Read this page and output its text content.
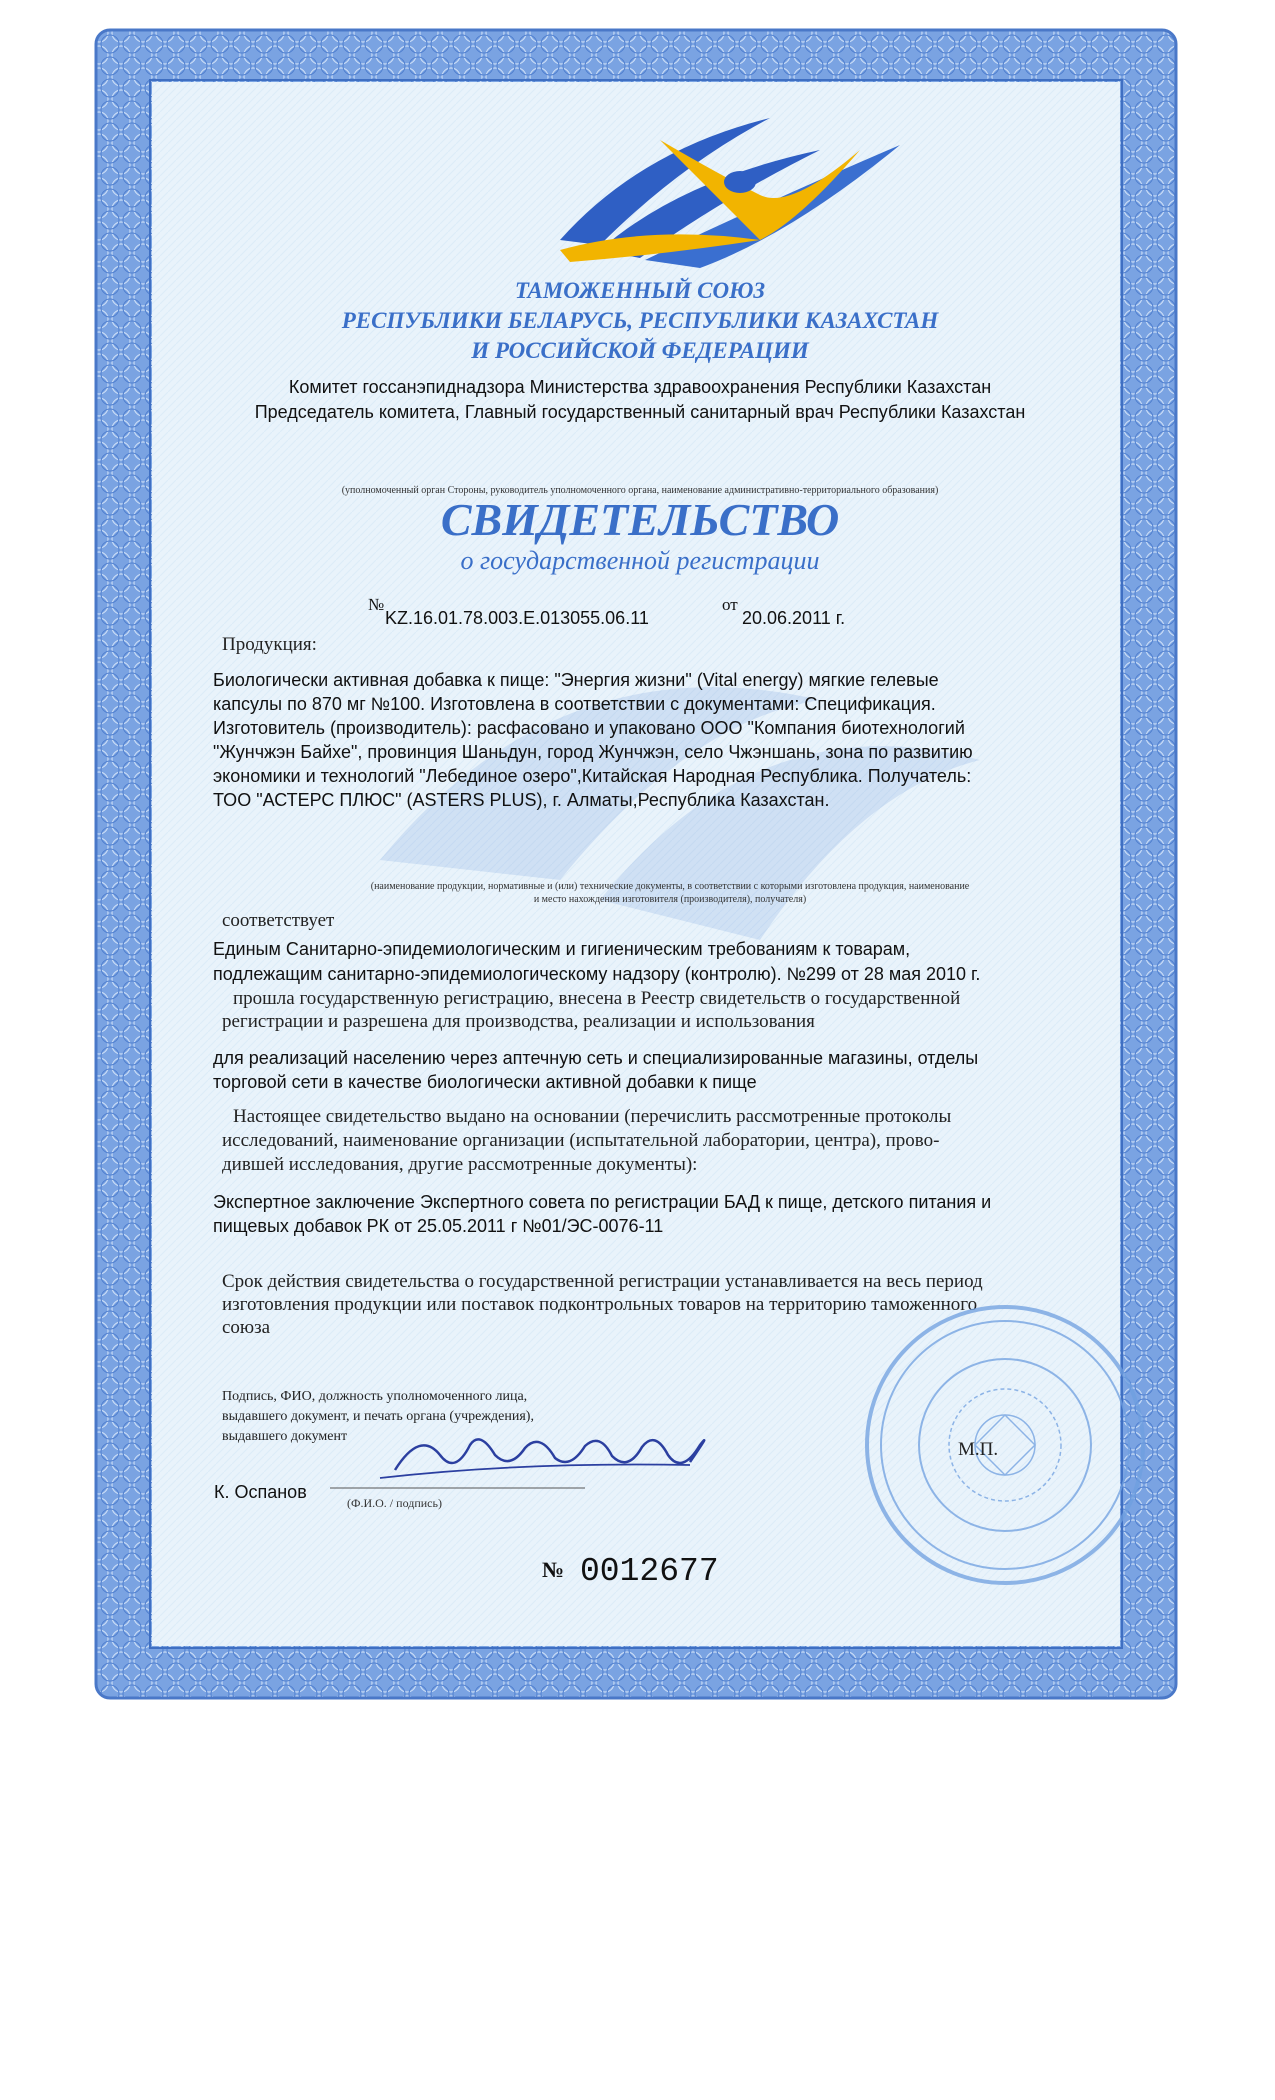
ТАМОЖЕННЫЙ СОЮЗ
РЕСПУБЛИКИ БЕЛАРУСЬ, РЕСПУБЛИКИ КАЗАХСТАН
И РОССИЙСКОЙ ФЕДЕРАЦИИ
Комитет госсанэпиднадзора Министерства здравоохранения Республики Казахстан
Председатель комитета, Главный государственный санитарный врач Республики Казахстан
(уполномоченный орган Стороны, руководитель уполномоченного органа, наименование административно-территориального образования)
СВИДЕТЕЛЬСТВО
о государственной регистрации
№
KZ.16.01.78.003.E.013055.06.11
от
20.06.2011 г.
Продукция:
Биологически активная добавка к пище: "Энергия жизни" (Vital energy) мягкие гелевые
капсулы по 870 мг №100. Изготовлена в соответствии с документами: Спецификация.
Изготовитель (производитель): расфасовано и упаковано ООО "Компания биотехнологий
"Жунчжэн Байхе", провинция Шаньдун, город Жунчжэн, село Чжэншань, зона по развитию
экономики и технологий "Лебединое озеро",Китайская Народная Республика. Получатель:
ТОО "АСТЕРС ПЛЮС" (ASTERS PLUS), г. Алматы,Республика Казахстан.
(наименование продукции, нормативные и (или) технические документы, в соответствии с которыми изготовлена продукция, наименование
и место нахождения изготовителя (производителя), получателя)
соответствует
Единым Санитарно-эпидемиологическим и гигиеническим требованиям к товарам,
подлежащим санитарно-эпидемиологическому надзору (контролю). №299 от 28 мая 2010 г.
прошла государственную регистрацию, внесена в Реестр свидетельств о государственной
регистрации и разрешена для производства, реализации и использования
для реализаций населению через аптечную сеть и специализированные магазины, отделы
торговой сети в качестве биологически активной добавки к пище
Настоящее свидетельство выдано на основании (перечислить рассмотренные протоколы
исследований, наименование организации (испытательной лаборатории, центра), прово-
дившей исследования, другие рассмотренные документы):
Экспертное заключение Экспертного совета по регистрации БАД к пище, детского питания и
пищевых добавок РК от 25.05.2011 г №01/ЭС-0076-11
Срок действия свидетельства о государственной регистрации устанавливается на весь период
изготовления продукции или поставок подконтрольных товаров на территорию таможенного
союза
Подпись, ФИО, должность уполномоченного лица,
выдавшего документ, и печать органа (учреждения),
выдавшего документ
К. Оспанов
(Ф.И.О. / подпись)
М.П.
№ 0012677
